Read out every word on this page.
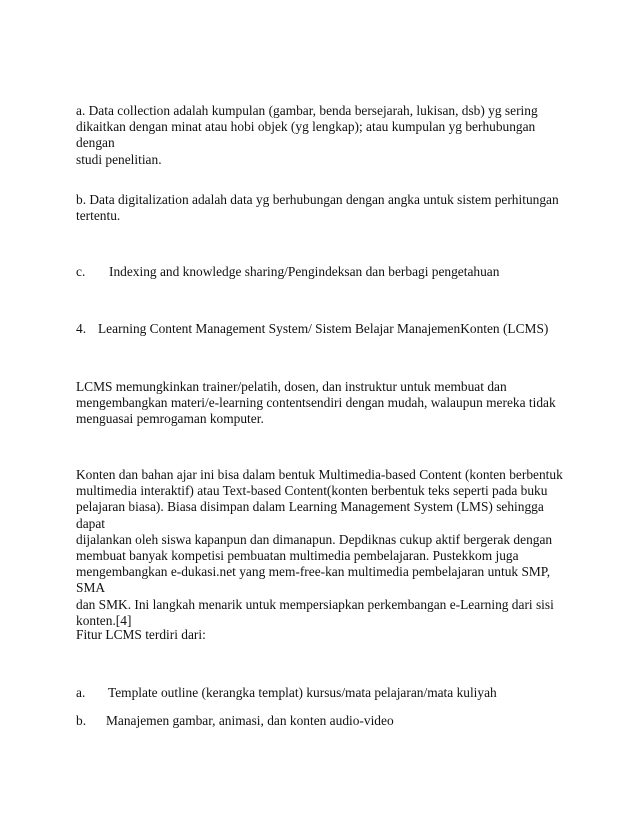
a. Data collection adalah kumpulan (gambar, benda bersejarah, lukisan, dsb) yg sering
dikaitkan dengan minat atau hobi objek (yg lengkap); atau kumpulan yg berhubungan dengan
studi penelitian.

b. Data digitalization adalah data yg berhubungan dengan angka untuk sistem perhitungan
tertentu.

c. Indexing and knowledge sharing/Pengindeksan dan berbagi pengetahuan
4. Learning Content Management System/ Sistem Belajar ManajemenKonten (LCMS)

LCMS memungkinkan trainer/pelatih, dosen, dan instruktur untuk membuat dan
mengembangkan materi/e-learning contentsendiri dengan mudah, walaupun mereka tidak
menguasai pemrogaman komputer.

Konten dan bahan ajar ini bisa dalam bentuk Multimedia-based Content (konten berbentuk
multimedia interaktif) atau Text-based Content(konten berbentuk teks seperti pada buku
pelajaran biasa). Biasa disimpan dalam Learning Management System (LMS) sehingga dapat
dijalankan oleh siswa kapanpun dan dimanapun. Depdiknas cukup aktif bergerak dengan
membuat banyak kompetisi pembuatan multimedia pembelajaran. Pustekkom juga
mengembangkan e-dukasi.net yang mem-free-kan multimedia pembelajaran untuk SMP, SMA
dan SMK. Ini langkah menarik untuk mempersiapkan perkembangan e-Learning dari sisi
konten.[4]

Fitur LCMS terdiri dari:

a. Template outline (kerangka templat) kursus/mata pelajaran/mata kuliyah
b. Manajemen gambar, animasi, dan konten audio-video
